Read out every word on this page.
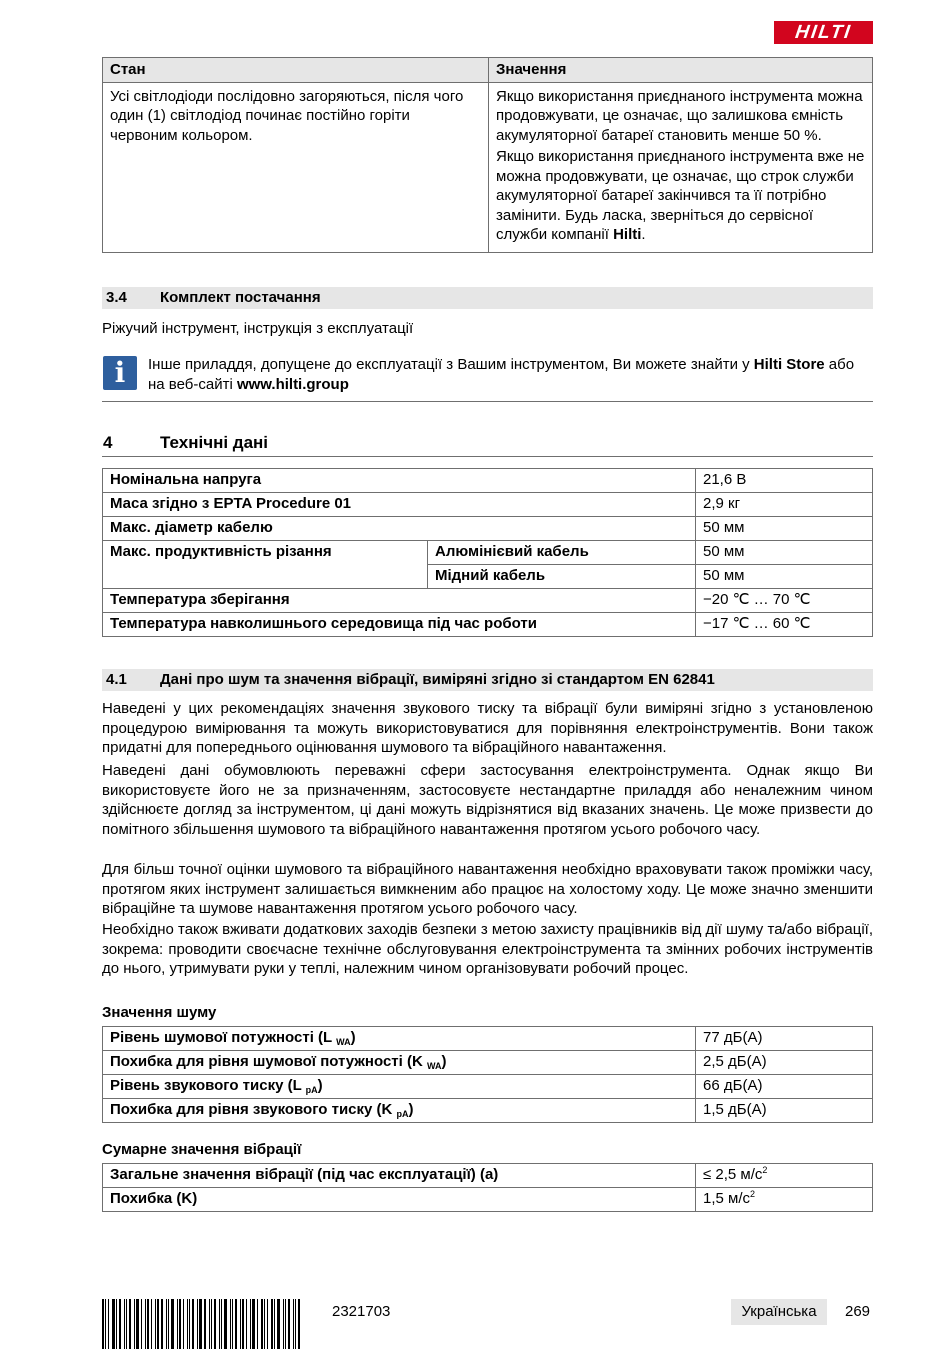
HILTI
Стан	Значення
Усі світлодіоди послідовно загоряються, після чого один (1) світлодіод починає постійно горіти червоним кольором.	Якщо використання приєднаного інструмента можна продовжувати, це означає, що залишкова ємність акумуляторної батареї становить менше 50 %.

Якщо використання приєднаного інструмента вже не можна продовжувати, це означає, що строк служби акумуляторної батареї закінчився та її потрібно замінити. Будь ласка, зверніться до сервісної служби компанії Hilti.

3.4 Комплект постачання
Ріжучий інструмент, інструкція з експлуатації
i	Інше приладдя, допущене до експлуатації з Вашим інструментом, Ви можете знайти у Hilti Store або на веб-сайті www.hilti.group
4	Технічні дані
Номінальна напруга		21,6 В
Маса згідно з EPTA Procedure 01		2,9 кг
Макс. діаметр кабелю		50 мм
Макс. продуктивність різання	Алюмінієвий кабель	50 мм
	Мідний кабель	50 мм
Температура зберігання		−20 ℃ … 70 ℃
Температура навколишнього середовища під час роботи		−17 ℃ … 60 ℃
4.1 Дані про шум та значення вібрації, виміряні згідно зі стандартом EN 62841
Наведені у цих рекомендаціях значення звукового тиску та вібрації були виміряні згідно з установленою процедурою вимірювання та можуть використовуватися для порівняння електроінструментів. Вони також придатні для попереднього оцінювання шумового та вібраційного навантаження.
Наведені дані обумовлюють переважні сфери застосування електроінструмента. Однак якщо Ви використовуєте його не за призначенням, застосовуєте нестандартне приладдя або неналежним чином здійснюєте догляд за інструментом, ці дані можуть відрізнятися від вказаних значень. Це може призвести до помітного збільшення шумового та вібраційного навантаження протягом усього робочого часу.
Для більш точної оцінки шумового та вібраційного навантаження необхідно враховувати також проміжки часу, протягом яких інструмент залишається вимкненим або працює на холостому ходу. Це може значно зменшити вібраційне та шумове навантаження протягом усього робочого часу.
Необхідно також вживати додаткових заходів безпеки з метою захисту працівників від дії шуму та/або вібрації, зокрема: проводити своєчасне технічне обслуговування електроінструмента та змінних робочих інструментів до нього, утримувати руки у теплі, належним чином організовувати робочий процес.
Значення шуму
Рівень шумової потужності (L $_{WA}$)	77 дБ(A)
Похибка для рівня шумової потужності (K $_{WA}$)	2,5 дБ(A)
Рівень звукового тиску (L $_{pA}$)	66 дБ(A)
Похибка для рівня звукового тиску (K $_{pA}$)	1,5 дБ(A)
Сумарне значення вібрації
Загальне значення вібрації (під час експлуатації) (a)	≤ 2,5 $м/с^2$
Похибка (K)	1,5 $м/с^2$
2321703	Українська	269
